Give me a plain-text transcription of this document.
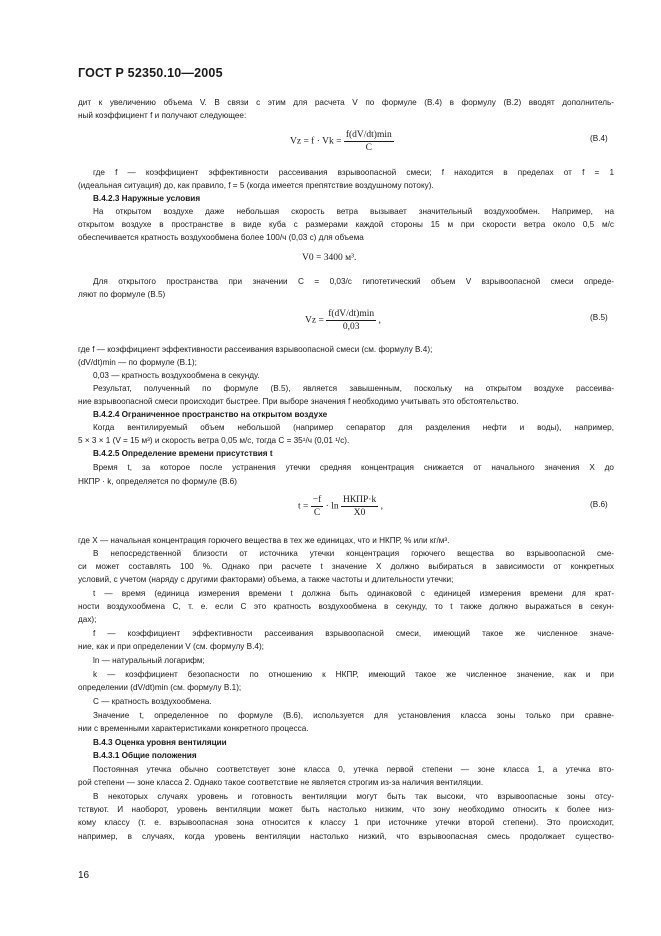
ГОСТ Р 52350.10—2005
дит к увеличению объема V. В связи с этим для расчета V по формуле (В.4) в формулу (В.2) вводят дополнитель-
ный коэффициент f и получают следующее:
$Vz = f \cdot Vk = \frac{f(dV/dt)\min}{C}$	(В.4)
где f — коэффициент эффективности рассеивания взрывоопасной смеси; f находится в пределах от f = 1
(идеальная ситуация) до, как правило, f = 5 (когда имеется препятствие воздушному потоку).
В.4.2.3 Наружные условия
На открытом воздухе даже небольшая скорость ветра вызывает значительный воздухообмен. Например, на
открытом воздухе в пространстве в виде куба с размерами каждой стороны 15 м при скорости ветра около 0,5 м/с
обеспечивается кратность воздухообмена более 100/ч (0,03 с) для объема
V0 = 3400 м³.
Для открытого пространства при значении C = 0,03/с гипотетический объем V взрывоопасной смеси опреде-
ляют по формуле (В.5)
$Vz = \frac{f(dV/dt)\min}{0,03}$ ,	(В.5)
где f — коэффициент эффективности рассеивания взрывоопасной смеси (см. формулу В.4);
(dV/dt)min — по формуле (В.1);
0,03 — кратность воздухообмена в секунду.
Результат, полученный по формуле (В.5), является завышенным, поскольку на открытом воздухе рассеива-
ние взрывоопасной смеси происходит быстрее. При выборе значения f необходимо учитывать это обстоятельство.
В.4.2.4 Ограниченное пространство на открытом воздухе
Когда вентилируемый объем небольшой (например сепаратор для разделения нефти и воды), например,
5 × 3 × 1 (V = 15 м³) и скорость ветра 0,05 м/с, тогда C = 35¹/ч (0,01 ¹/с).
В.4.2.5 Определение времени присутствия t
Время t, за которое после устранения утечки средняя концентрация снижается от начального значения X до
НКПР · k, определяется по формуле (В.6)
$t = \frac{-f}{C} \cdot \ln \frac{\text{НКПР·k}}{X0}$ ,	(В.6)
где X — начальная концентрация горючего вещества в тех же единицах, что и НКПР, % или кг/м³.
В непосредственной близости от источника утечки концентрация горючего вещества во взрывоопасной сме-
си может составлять 100 %. Однако при расчете t значение X должно выбираться в зависимости от конкретных
условий, с учетом (наряду с другими факторами) объема, а также частоты и длительности утечки;
t — время (единица измерения времени t должна быть одинаковой с единицей измерения времени для крат-
ности воздухообмена C, т. е. если C это кратность воздухообмена в секунду, то t также должно выражаться в секун-
дах);
f — коэффициент эффективности рассеивания взрывоопасной смеси, имеющий такое же численное значе-
ние, как и при определении V (см. формулу В.4);
ln — натуральный логарифм;
k — коэффициент безопасности по отношению к НКПР, имеющий такое же численное значение, как и при
определении (dV/dt)min (см. формулу В.1);
C — кратность воздухообмена.
Значение t, определенное по формуле (В.6), используется для установления класса зоны только при сравне-
нии с временными характеристиками конкретного процесса.
В.4.3 Оценка уровня вентиляции
В.4.3.1 Общие положения
Постоянная утечка обычно соответствует зоне класса 0, утечка первой степени — зоне класса 1, а утечка вто-
рой степени — зоне класса 2. Однако такое соответствие не является строгим из-за наличия вентиляции.
В некоторых случаях уровень и готовность вентиляции могут быть так высоки, что взрывоопасные зоны отсу-
тствуют. И наоборот, уровень вентиляции может быть настолько низким, что зону необходимо относить к более низ-
кому классу (т. е. взрывоопасная зона относится к классу 1 при источнике утечки второй степени). Это происходит,
например, в случаях, когда уровень вентиляции настолько низкий, что взрывоопасная смесь продолжает существо-
16
